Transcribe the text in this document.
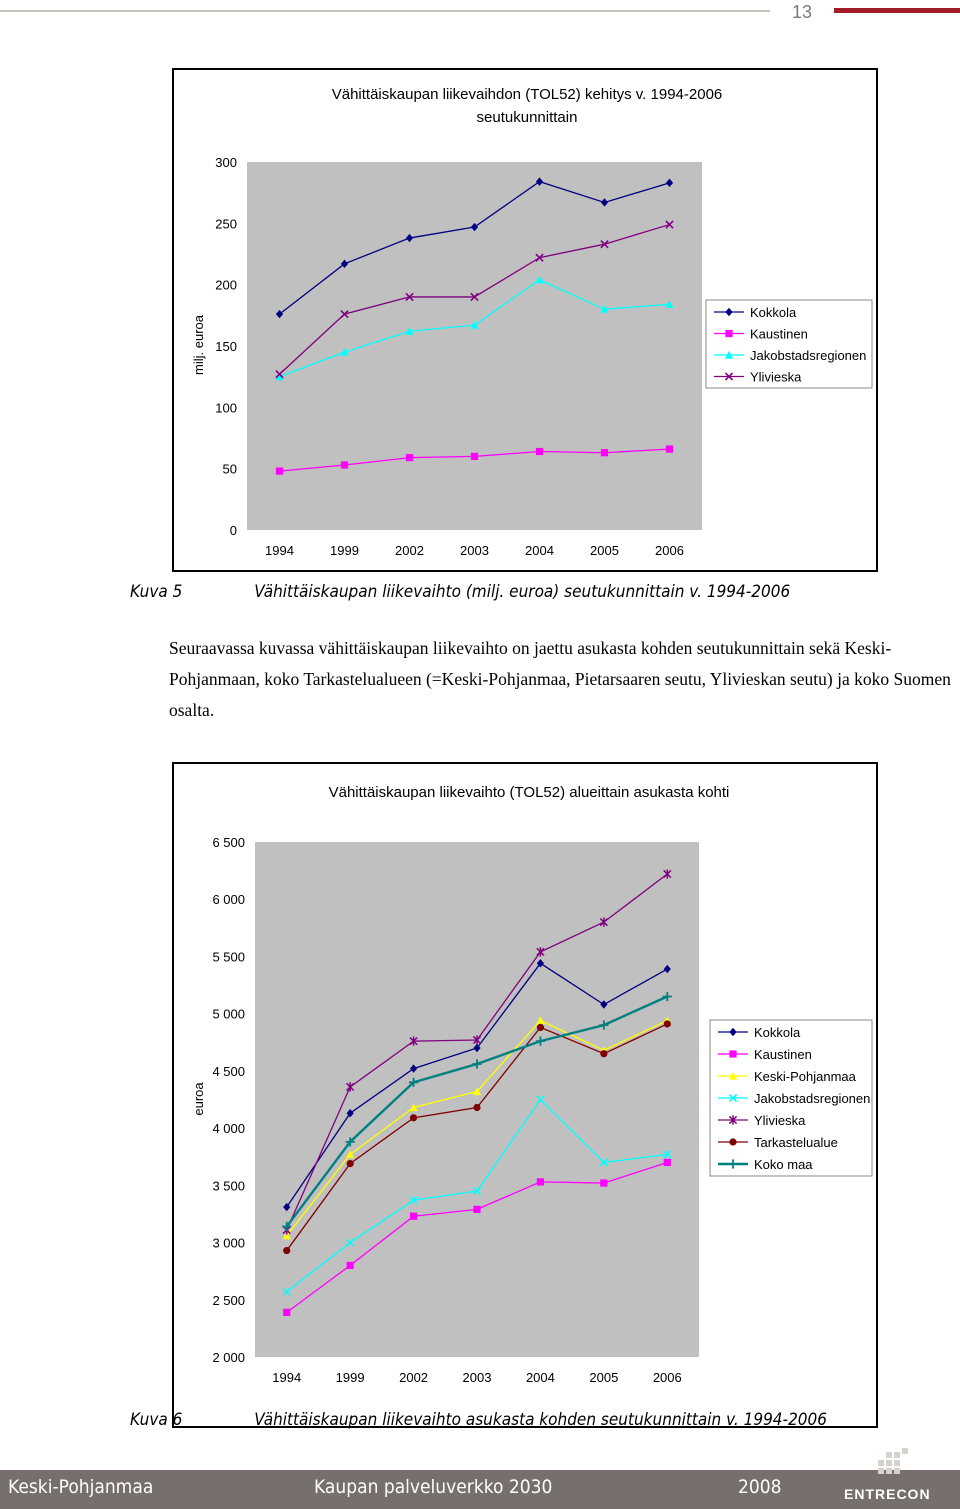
13
Vähittäiskaupan liikevaihdon (TOL52) kehitys v. 1994-2006
seutukunnittain
0
50
100
150
200
250
300
milj. euroa
1994	1999	2002	2003	2004	2005	2006
Kokkola
Kaustinen
Jakobstadsregionen
Ylivieska
Kuva 5	Vähittäiskaupan liikevaihto (milj. euroa) seutukunnittain v. 1994-2006
Seuraavassa kuvassa vähittäiskaupan liikevaihto on jaettu asukasta kohden seutukunnittain sekä Keski-Pohjanmaan, koko Tarkastelualueen (=Keski-Pohjanmaa, Pietarsaaren seutu, Ylivieskan seutu) ja koko Suomen osalta.
Vähittäiskaupan liikevaihto (TOL52) alueittain asukasta kohti
2 000
2 500
3 000
3 500
4 000
4 500
5 000
5 500
6 000
6 500
euroa
1994	1999	2002	2003	2004	2005	2006
Kokkola
Kaustinen
Keski-Pohjanmaa
Jakobstadsregionen
Ylivieska
Tarkastelualue
Koko maa
Kuva 6	Vähittäiskaupan liikevaihto asukasta kohden seutukunnittain v. 1994-2006
Keski-Pohjanmaa	Kaupan palveluverkko 2030	2008	ENTRECON
